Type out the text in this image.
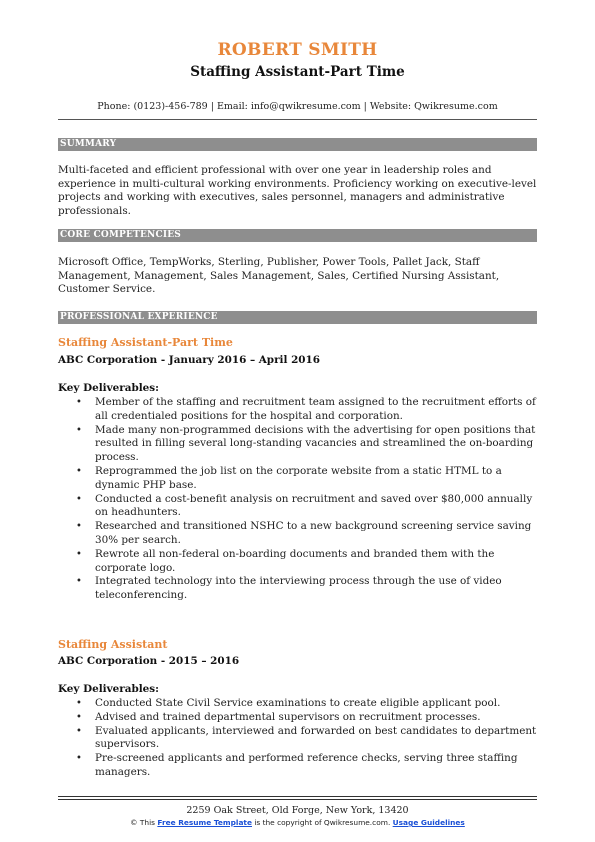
ROBERT SMITH
Staffing Assistant-Part Time
Phone: (0123)-456-789 | Email: info@qwikresume.com | Website: Qwikresume.com
SUMMARY
Multi-faceted and efficient professional with over one year in leadership roles and experience in multi-cultural working environments. Proficiency working on executive-level projects and working with executives, sales personnel, managers and administrative professionals.
CORE COMPETENCIES
Microsoft Office, TempWorks, Sterling, Publisher, Power Tools, Pallet Jack, Staff Management, Management, Sales Management, Sales, Certified Nursing Assistant, Customer Service.
PROFESSIONAL EXPERIENCE
Staffing Assistant-Part Time
ABC Corporation - January 2016 – April 2016
Key Deliverables:
• Member of the staffing and recruitment team assigned to the recruitment efforts of all credentialed positions for the hospital and corporation.
• Made many non-programmed decisions with the advertising for open positions that resulted in filling several long-standing vacancies and streamlined the on-boarding process.
• Reprogrammed the job list on the corporate website from a static HTML to a dynamic PHP base.
• Conducted a cost-benefit analysis on recruitment and saved over $80,000 annually on headhunters.
• Researched and transitioned NSHC to a new background screening service saving 30% per search.
• Rewrote all non-federal on-boarding documents and branded them with the corporate logo.
• Integrated technology into the interviewing process through the use of video teleconferencing.
Staffing Assistant
ABC Corporation - 2015 – 2016
Key Deliverables:
• Conducted State Civil Service examinations to create eligible applicant pool.
• Advised and trained departmental supervisors on recruitment processes.
• Evaluated applicants, interviewed and forwarded on best candidates to department supervisors.
• Pre-screened applicants and performed reference checks, serving three staffing managers.
2259 Oak Street, Old Forge, New York, 13420
© This Free Resume Template is the copyright of Qwikresume.com. Usage Guidelines
